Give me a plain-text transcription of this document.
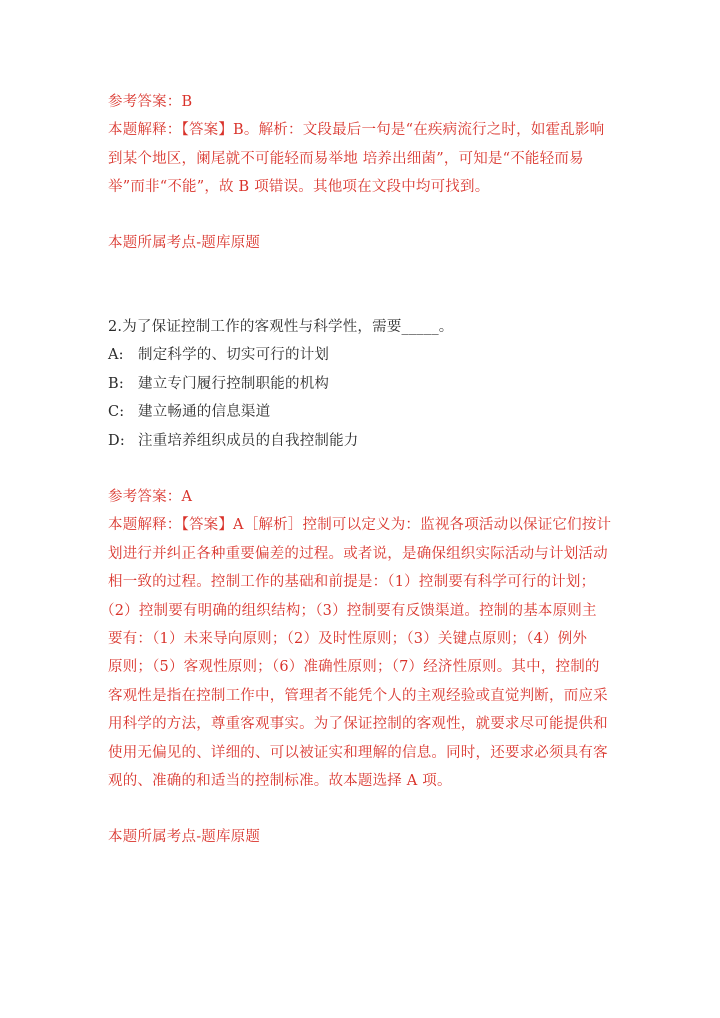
参考答案：B
本题解释：【答案】B。解析：文段最后一句是“在疾病流行之时，如霍乱影响
到某个地区，阑尾就不可能轻而易举地 培养出细菌”，可知是“不能轻而易
举”而非“不能”，故 B 项错误。其他项在文段中均可找到。
本题所属考点-题库原题
2.为了保证控制工作的客观性与科学性，需要_____。
A: 制定科学的、切实可行的计划
B: 建立专门履行控制职能的机构
C: 建立畅通的信息渠道
D: 注重培养组织成员的自我控制能力
参考答案：A
本题解释：【答案】A［解析］控制可以定义为：监视各项活动以保证它们按计
划进行并纠正各种重要偏差的过程。或者说，是确保组织实际活动与计划活动
相一致的过程。控制工作的基础和前提是：（1）控制要有科学可行的计划；
（2）控制要有明确的组织结构；（3）控制要有反馈渠道。控制的基本原则主
要有：（1）未来导向原则；（2）及时性原则；（3）关键点原则；（4）例外
原则；（5）客观性原则；（6）准确性原则；（7）经济性原则。其中，控制的
客观性是指在控制工作中，管理者不能凭个人的主观经验或直觉判断，而应采
用科学的方法，尊重客观事实。为了保证控制的客观性，就要求尽可能提供和
使用无偏见的、详细的、可以被证实和理解的信息。同时，还要求必须具有客
观的、准确的和适当的控制标准。故本题选择 A 项。
本题所属考点-题库原题
